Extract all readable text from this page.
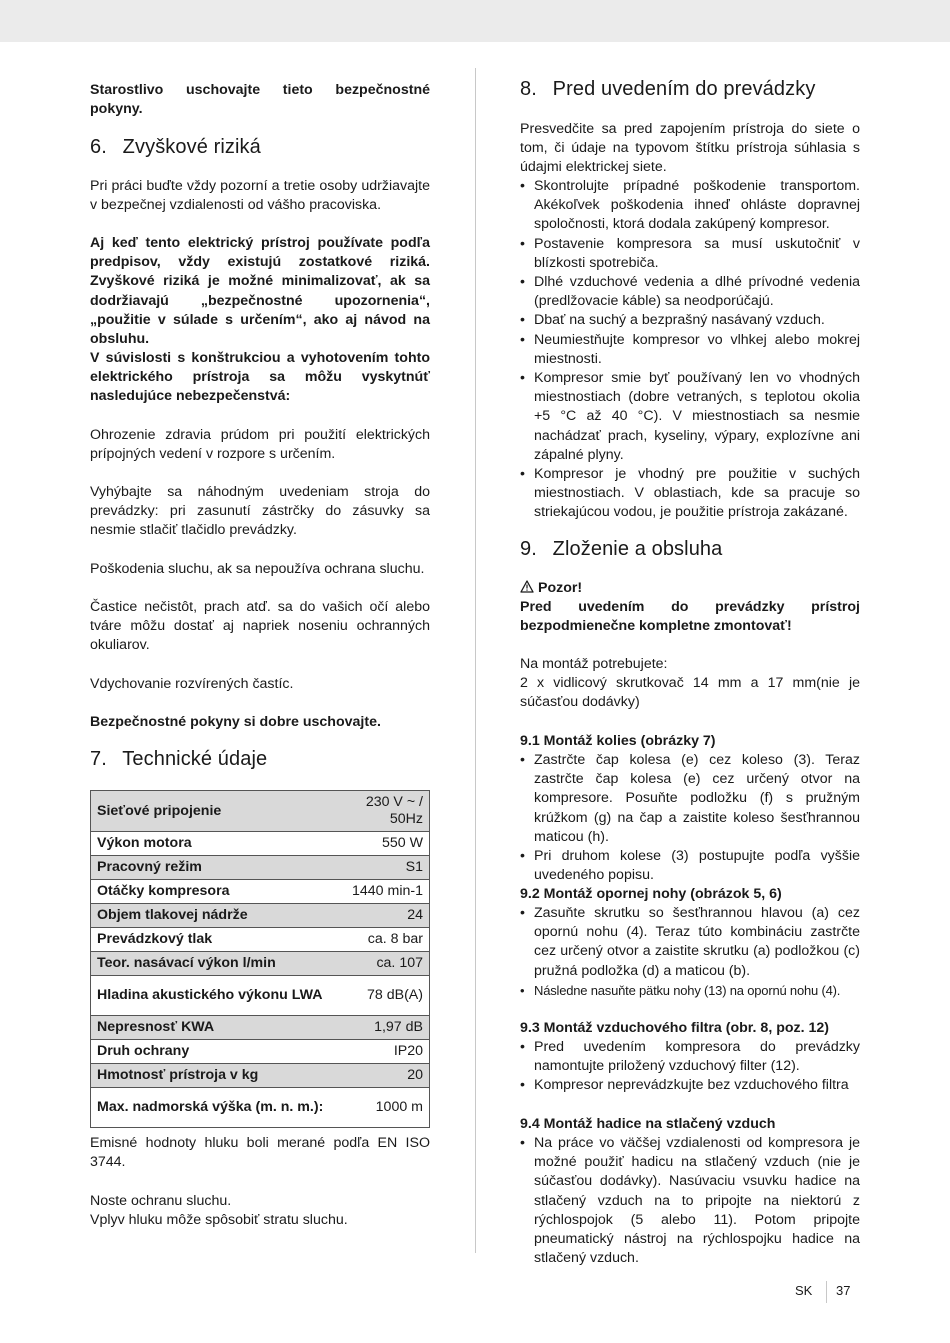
Starostlivo uschovajte tieto bezpečnostné pokyny.

6. Zvyškové riziká

Pri práci buďte vždy pozorní a tretie osoby udržiavajte v bezpečnej vzdialenosti od vášho pracoviska.

Aj keď tento elektrický prístroj používate podľa predpisov, vždy existujú zostatkové riziká. Zvyškové riziká je možné minimalizovať, ak sa dodržiavajú „bezpečnostné upozornenia“, „použitie v súlade s určením“, ako aj návod na obsluhu.

V súvislosti s konštrukciou a vyhotovením tohto elektrického prístroja sa môžu vyskytnúť nasledujúce nebezpečenstvá:

Ohrozenie zdravia prúdom pri použití elektrických prípojných vedení v rozpore s určením.

Vyhýbajte sa náhodným uvedeniam stroja do prevádzky: pri zasunutí zástrčky do zásuvky sa nesmie stlačiť tlačidlo prevádzky.

Poškodenia sluchu, ak sa nepoužíva ochrana sluchu.

Častice nečistôt, prach atď. sa do vašich očí alebo tváre môžu dostať aj napriek noseniu ochranných okuliarov.

Vdychovanie rozvírených častíc.

Bezpečnostné pokyny si dobre uschovajte.

7. Technické údaje
Sieťové pripojenie	230 V ~ / 50Hz
Výkon motora	550 W
Pracovný režim	S1
Otáčky kompresora	1440 min-1
Objem tlakovej nádrže	24
Prevádzkový tlak	ca. 8 bar
Teor. nasávací výkon l/min	ca. 107
Hladina akustického výkonu LWA	78 dB(A)
Nepresnosť KWA	1,97 dB
Druh ochrany	IP20
Hmotnosť prístroja v kg	20
Max. nadmorská výška (m. n. m.):	1000 m

Emisné hodnoty hluku boli merané podľa EN ISO 3744.

Noste ochranu sluchu.

Vplyv hluku môže spôsobiť stratu sluchu.

8. Pred uvedením do prevádzky

Presvedčite sa pred zapojením prístroja do siete o tom, či údaje na typovom štítku prístroja súhlasia s údajmi elektrickej siete.

• Skontrolujte prípadné poškodenie transportom. Akékoľvek poškodenia ihneď ohláste dopravnej spoločnosti, ktorá dodala zakúpený kompresor.
• Postavenie kompresora sa musí uskutočniť v blízkosti spotrebiča.
• Dlhé vzduchové vedenia a dlhé prívodné vedenia (predlžovacie káble) sa neodporúčajú.
• Dbať na suchý a bezprašný nasávaný vzduch.
• Neumiestňujte kompresor vo vlhkej alebo mokrej miestnosti.
• Kompresor smie byť používaný len vo vhodných miestnostiach (dobre vetraných, s teplotou okolia +5 °C až 40 °C). V miestnostiach sa nesmie nachádzať prach, kyseliny, výpary, explozívne ani zápalné plyny.
• Kompresor je vhodný pre použitie v suchých miestnostiach. V oblastiach, kde sa pracuje so striekajúcou vodou, je použitie prístroja zakázané.
9. Zloženie a obsluha

Pozor!

Pred uvedením do prevádzky prístroj bezpodmienečne kompletne zmontovať!

Na montáž potrebujete:

2 x vidlicový skrutkovač 14 mm a 17 mm(nie je súčasťou dodávky)

9.1 Montáž kolies (obrázky 7)
• Zastrčte čap kolesa (e) cez koleso (3). Teraz zastrčte čap kolesa (e) cez určený otvor na kompresore. Posuňte podložku (f) s pružným krúžkom (g) na čap a zaistite koleso šesťhrannou maticou (h).
• Pri druhom kolese (3) postupujte podľa vyššie uvedeného popisu.
9.2 Montáž opornej nohy (obrázok 5, 6)
• Zasuňte skrutku so šesťhrannou hlavou (a) cez opornú nohu (4). Teraz túto kombináciu zastrčte cez určený otvor a zaistite skrutku (a) podložkou (c) pružná podložka (d) a maticou (b).
• Následne nasuňte pätku nohy (13) na opornú nohu (4).
9.3 Montáž vzduchového filtra (obr. 8, poz. 12)
• Pred uvedením kompresora do prevádzky namontujte priložený vzduchový filter (12).
• Kompresor neprevádzkujte bez vzduchového filtra
9.4 Montáž hadice na stlačený vzduch
• Na práce vo väčšej vzdialenosti od kompresora je možné použiť hadicu na stlačený vzduch (nie je súčasťou dodávky). Nasúvaciu vsuvku hadice na stlačený vzduch na to pripojte na niektorú z rýchlospojok (5 alebo 11). Potom pripojte pneumatický nástroj na rýchlospojku hadice na stlačený vzduch.
SK 37
